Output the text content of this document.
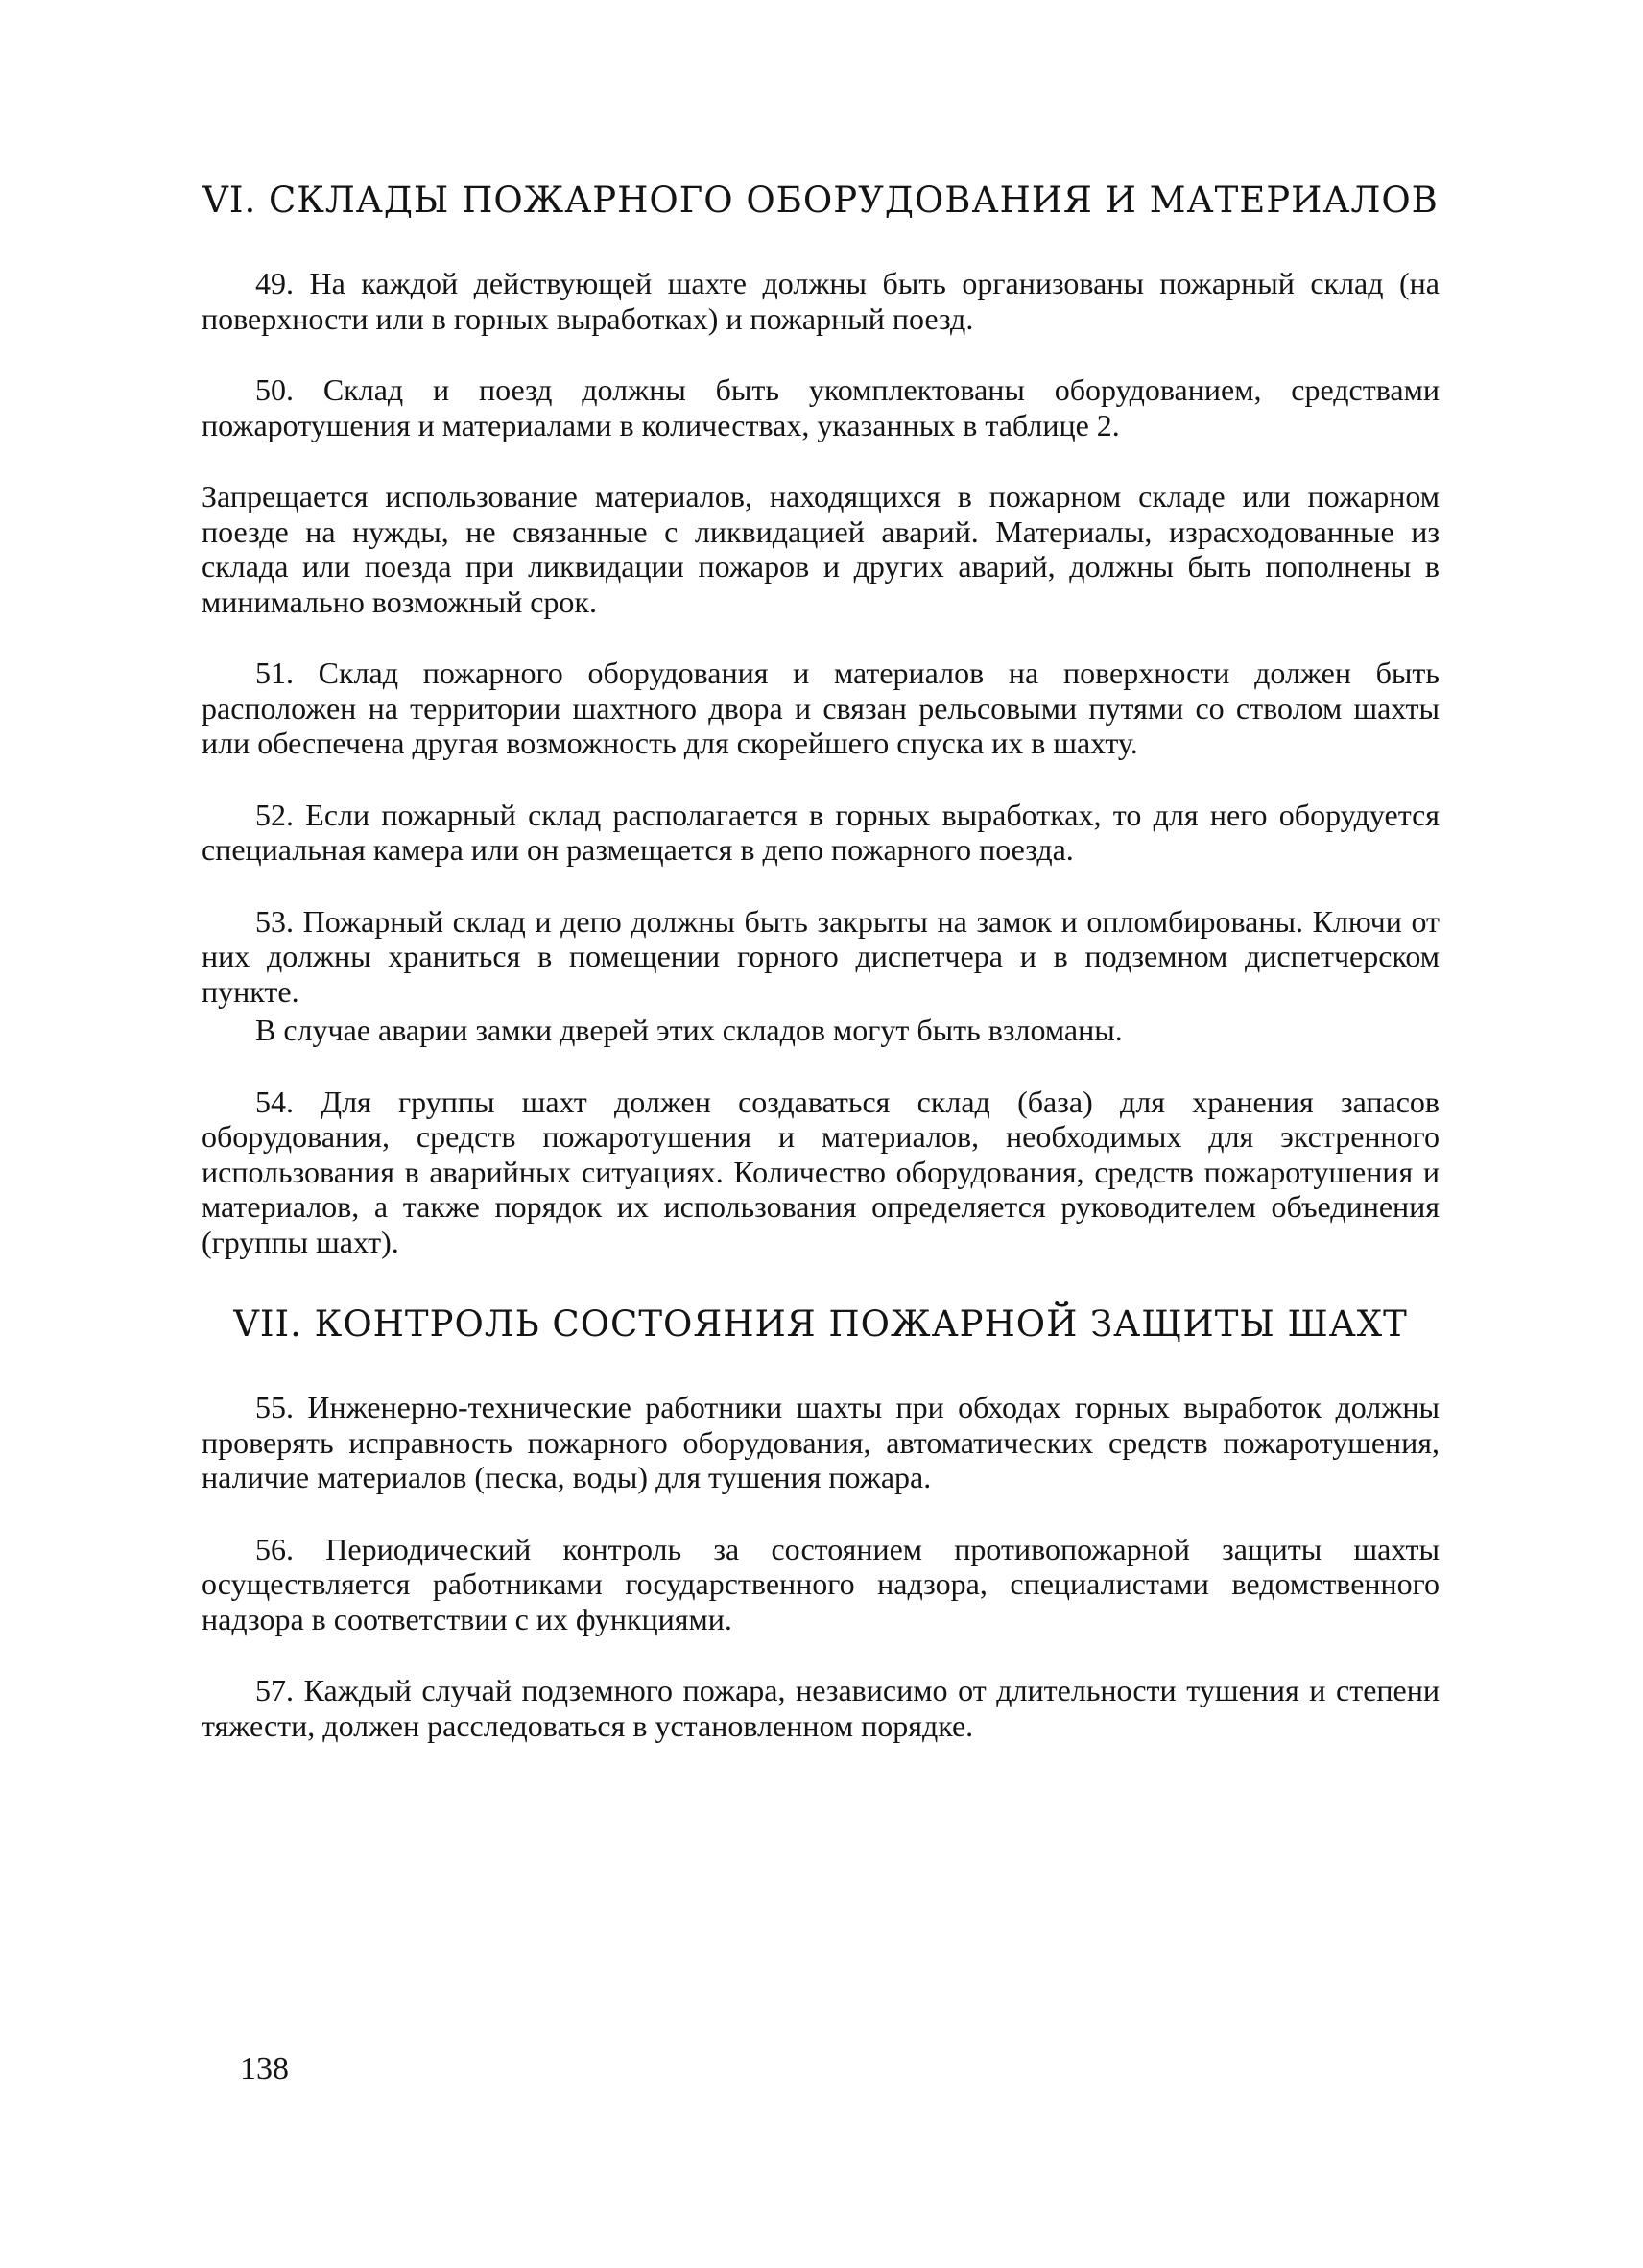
VI. СКЛАДЫ ПОЖАРНОГО ОБОРУДОВАНИЯ И МАТЕРИАЛОВ

49. На каждой действующей шахте должны быть организованы пожарный склад (на поверхности или в горных выработках) и пожарный поезд.

50. Склад и поезд должны быть укомплектованы оборудованием, средствами пожаротушения и материалами в количествах, указанных в таблице 2.

Запрещается использование материалов, находящихся в пожарном складе или пожарном поезде на нужды, не связанные с ликвидацией аварий. Материалы, израсходованные из склада или поезда при ликвидации пожаров и других аварий, должны быть пополнены в минимально возможный срок.

51. Склад пожарного оборудования и материалов на поверхности должен быть расположен на территории шахтного двора и связан рельсовыми путями со стволом шахты или обеспечена другая возможность для скорейшего спуска их в шахту.

52. Если пожарный склад располагается в горных выработках, то для него оборудуется специальная камера или он размещается в депо пожарного поезда.

53. Пожарный склад и депо должны быть закрыты на замок и опломбированы. Ключи от них должны храниться в помещении горного диспетчера и в подземном диспетчерском пункте.

В случае аварии замки дверей этих складов могут быть взломаны.

54. Для группы шахт должен создаваться склад (база) для хранения запасов оборудования, средств пожаротушения и материалов, необходимых для экстренного использования в аварийных ситуациях. Количество оборудования, средств пожаротушения и материалов, а также порядок их использования определяется руководителем объединения (группы шахт).

VII. КОНТРОЛЬ СОСТОЯНИЯ ПОЖАРНОЙ ЗАЩИТЫ ШАХТ

55. Инженерно-технические работники шахты при обходах горных выработок должны проверять исправность пожарного оборудования, автоматических средств пожаротушения, наличие материалов (песка, воды) для тушения пожара.

56. Периодический контроль за состоянием противопожарной защиты шахты осуществляется работниками государственного надзора, специалистами ведомственного надзора в соответствии с их функциями.

57. Каждый случай подземного пожара, независимо от длительности тушения и степени тяжести, должен расследоваться в установленном порядке.

138
